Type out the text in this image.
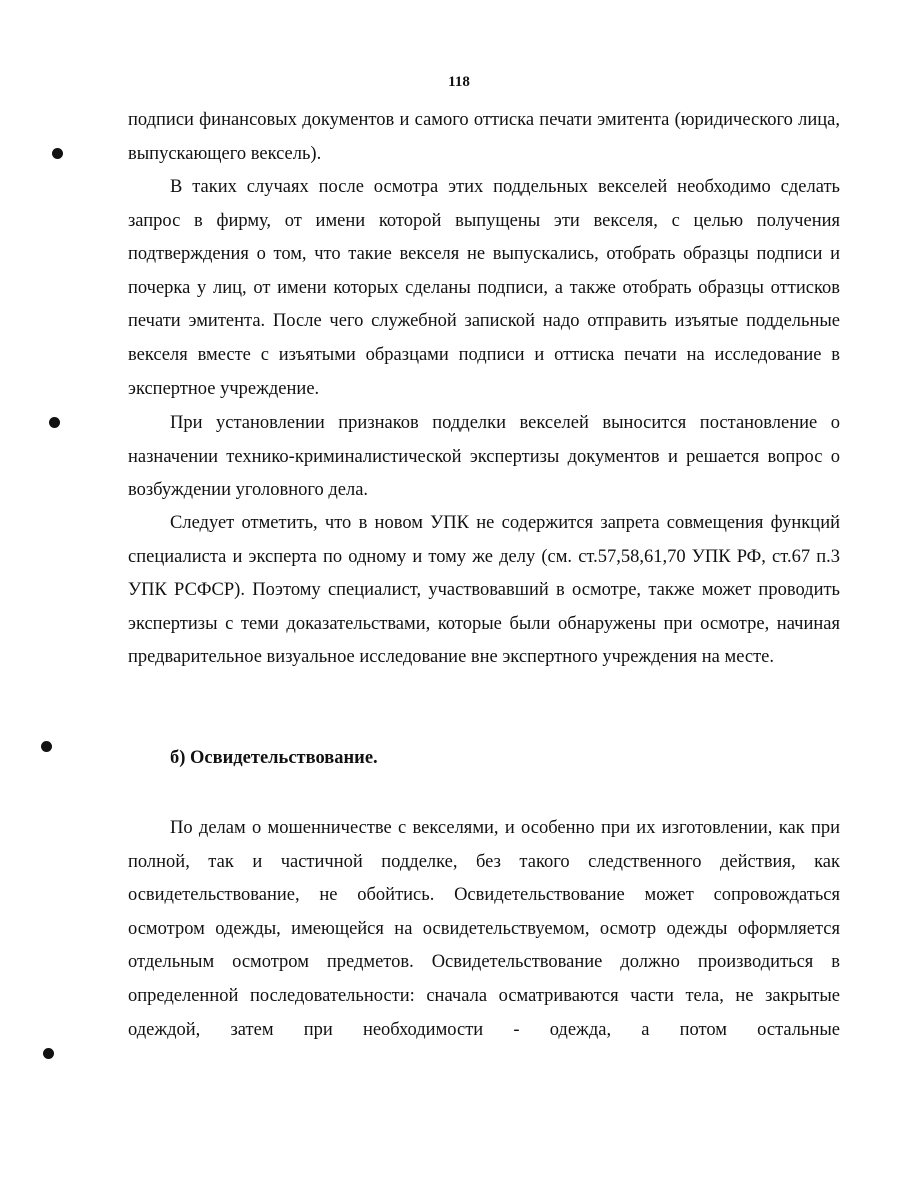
118

подписи финансовых документов и самого оттиска печати эмитента (юридического лица, выпускающего вексель).

В таких случаях после осмотра этих поддельных векселей необходимо сделать запрос в фирму, от имени которой выпущены эти векселя, с целью получения подтверждения о том, что такие векселя не выпускались, отобрать образцы подписи и почерка у лиц, от имени которых сделаны подписи, а также отобрать образцы оттисков печати эмитента. После чего служебной запиской надо отправить изъятые поддельные векселя вместе с изъятыми образцами подписи и оттиска печати на исследование в экспертное учреждение.

При установлении признаков подделки векселей выносится постановление о назначении технико-криминалистической экспертизы документов и решается вопрос о возбуждении уголовного дела.

Следует отметить, что в новом УПК не содержится запрета совмещения функций специалиста и эксперта по одному и тому же делу (см. ст.57,58,61,70 УПК РФ, ст.67 п.3 УПК РСФСР). Поэтому специалист, участвовавший в осмотре, также может проводить экспертизы с теми доказательствами, которые были обнаружены при осмотре, начиная предварительное визуальное исследование вне экспертного учреждения на месте.

б) Освидетельствование.

По делам о мошенничестве с векселями, и особенно при их изготовлении, как при полной, так и частичной подделке, без такого следственного действия, как освидетельствование, не обойтись. Освидетельствование может сопровождаться осмотром одежды, имеющейся на освидетельствуемом, осмотр одежды оформляется отдельным осмотром предметов. Освидетельствование должно производиться в определенной последовательности: сначала осматриваются части тела, не закрытые одеждой, затем при необходимости - одежда, а потом остальные
